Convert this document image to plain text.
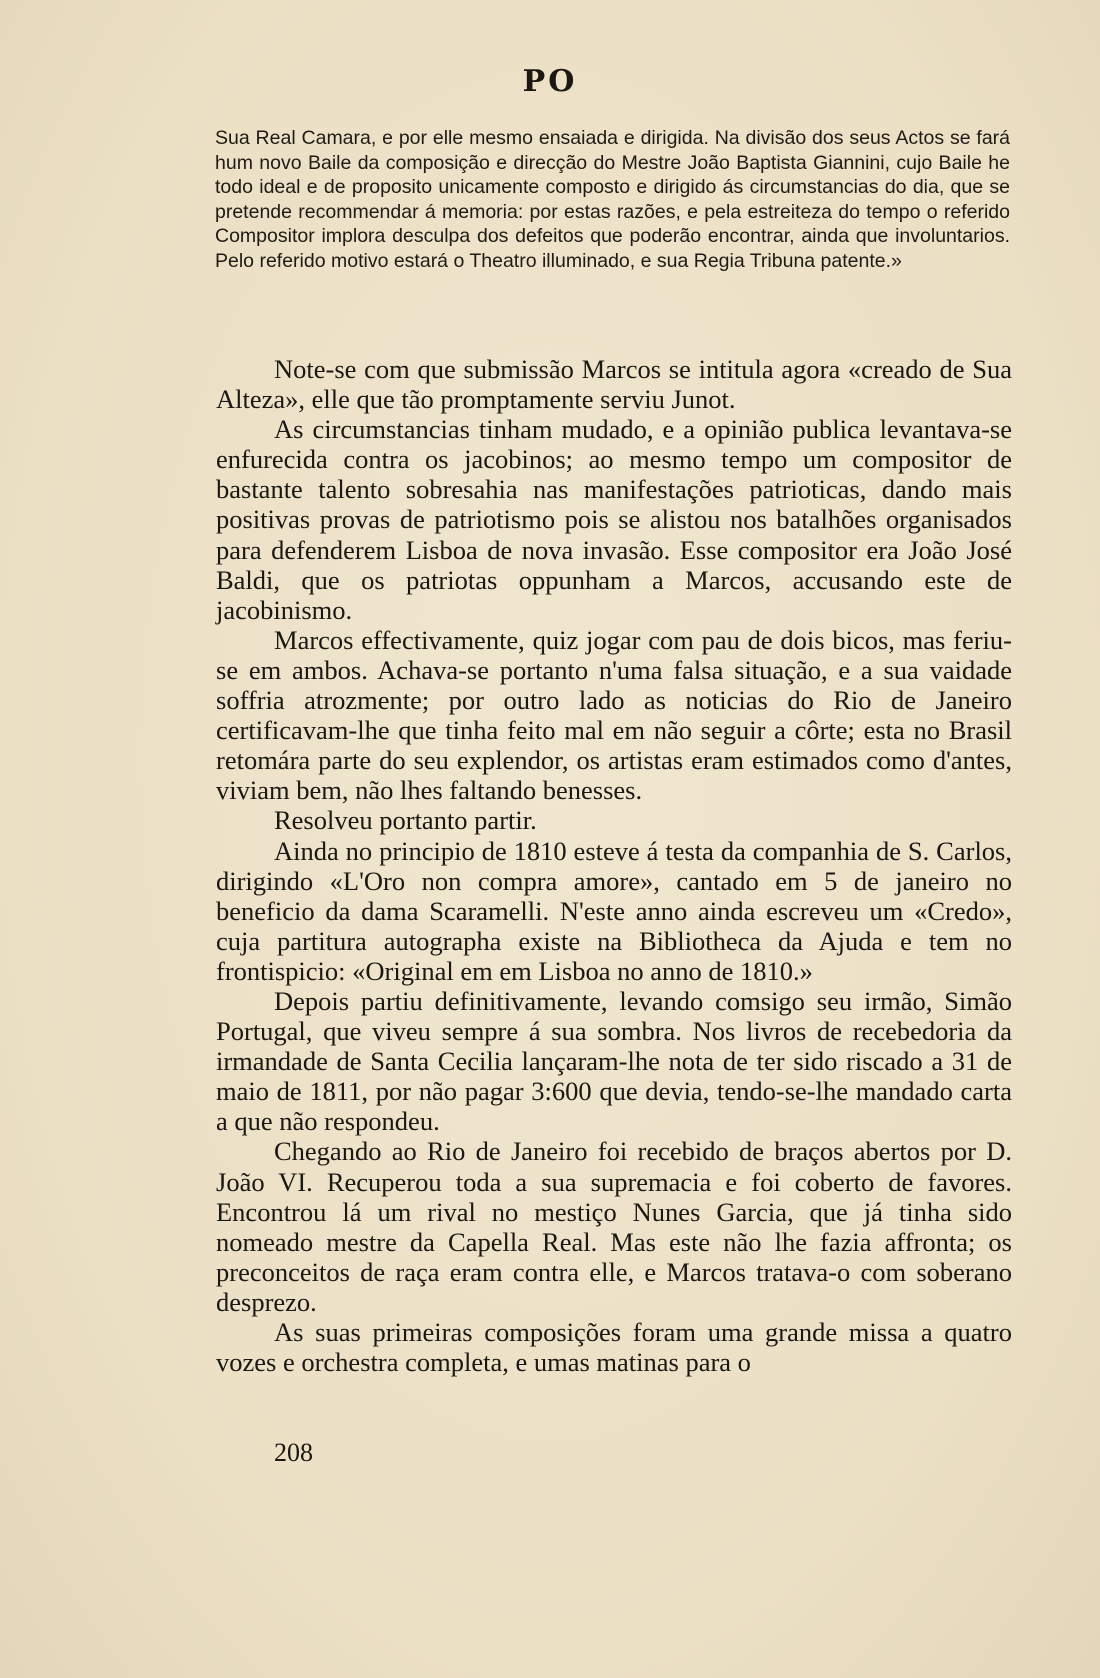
PO

Sua Real Camara, e por elle mesmo ensaiada e dirigida. Na divisão dos seus Actos se fará hum novo Baile da composição e direcção do Mestre João Baptista Giannini, cujo Baile he todo ideal e de proposito unicamente composto e dirigido ás circumstancias do dia, que se pretende recommendar á memoria: por estas razões, e pela estreiteza do tempo o referido Compositor implora desculpa dos defeitos que poderão encontrar, ainda que involuntarios. Pelo referido motivo estará o Theatro illuminado, e sua Regia Tribuna patente.»

Note-se com que submissão Marcos se intitula agora «creado de Sua Alteza», elle que tão promptamente serviu Junot.

As circumstancias tinham mudado, e a opinião publica levantava-se enfurecida contra os jacobinos; ao mesmo tempo um compositor de bastante talento sobresahia nas manifestações patrioticas, dando mais positivas provas de patriotismo pois se alistou nos batalhões organisados para defenderem Lisboa de nova invasão. Esse compositor era João José Baldi, que os patriotas oppunham a Marcos, accusando este de jacobinismo.

Marcos effectivamente, quiz jogar com pau de dois bicos, mas feriu-se em ambos. Achava-se portanto n'uma falsa situação, e a sua vaidade soffria atrozmente; por outro lado as noticias do Rio de Janeiro certificavam-lhe que tinha feito mal em não seguir a côrte; esta no Brasil retomára parte do seu explendor, os artistas eram estimados como d'antes, viviam bem, não lhes faltando benesses.

Resolveu portanto partir.

Ainda no principio de 1810 esteve á testa da companhia de S. Carlos, dirigindo «L'Oro non compra amore», cantado em 5 de janeiro no beneficio da dama Scaramelli. N'este anno ainda escreveu um «Credo», cuja partitura autographa existe na Bibliotheca da Ajuda e tem no frontispicio: «Original em em Lisboa no anno de 1810.»

Depois partiu definitivamente, levando comsigo seu irmão, Simão Portugal, que viveu sempre á sua sombra. Nos livros de recebedoria da irmandade de Santa Cecilia lançaram-lhe nota de ter sido riscado a 31 de maio de 1811, por não pagar 3:600 que devia, tendo-se-lhe mandado carta a que não respondeu.

Chegando ao Rio de Janeiro foi recebido de braços abertos por D. João VI. Recuperou toda a sua supremacia e foi coberto de favores. Encontrou lá um rival no mestiço Nunes Garcia, que já tinha sido nomeado mestre da Capella Real. Mas este não lhe fazia affronta; os preconceitos de raça eram contra elle, e Marcos tratava-o com soberano desprezo.

As suas primeiras composições foram uma grande missa a quatro vozes e orchestra completa, e umas matinas para o

208
